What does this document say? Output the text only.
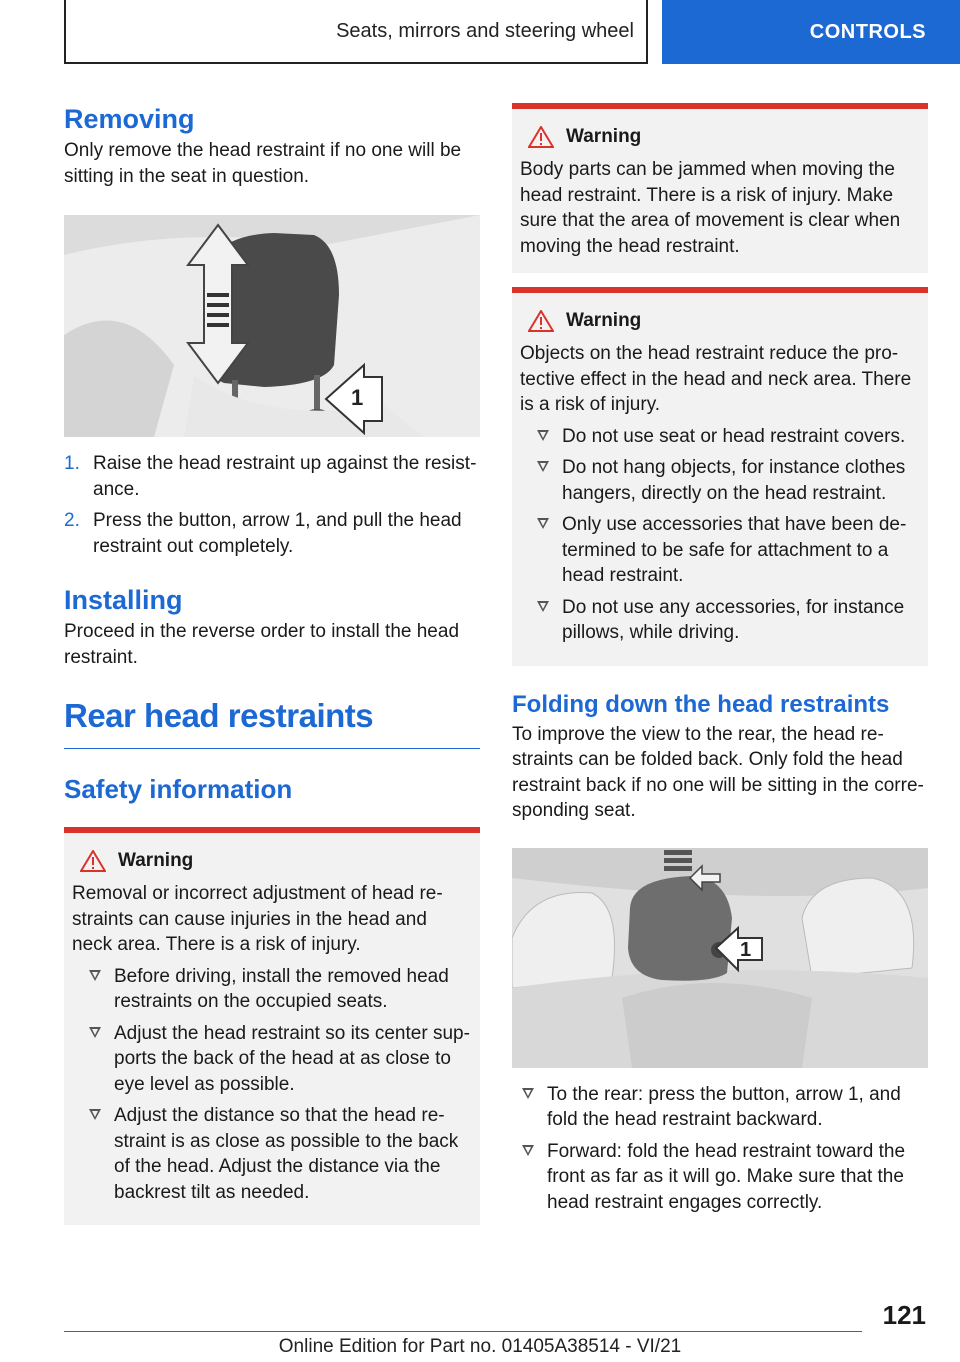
Seats, mirrors and steering wheel	CONTROLS
Removing

Only remove the head restraint if no one will be sitting in the seat in question.

1
1. Raise the head restraint up against the resistance.
2. Press the button, arrow 1, and pull the head restraint out completely.
Installing

Proceed in the reverse order to install the head restraint.

Rear head restraints
Safety information
Warning

Removal or incorrect adjustment of head restraints can cause injuries in the head and neck area. There is a risk of injury.

Before driving, install the removed head restraints on the occupied seats.
Adjust the head restraint so its center supports the back of the head at as close to eye level as possible.
Adjust the distance so that the head restraint is as close as possible to the back of the head. Adjust the distance via the backrest tilt as needed.
Warning

Body parts can be jammed when moving the head restraint. There is a risk of injury. Make sure that the area of movement is clear when moving the head restraint.

Warning

Objects on the head restraint reduce the protective effect in the head and neck area. There is a risk of injury.

Do not use seat or head restraint covers.
Do not hang objects, for instance clothes hangers, directly on the head restraint.
Only use accessories that have been determined to be safe for attachment to a head restraint.
Do not use any accessories, for instance pillows, while driving.
Folding down the head restraints

To improve the view to the rear, the head restraints can be folded back. Only fold the head restraint back if no one will be sitting in the corresponding seat.

1
To the rear: press the button, arrow 1, and fold the head restraint backward.
Forward: fold the head restraint toward the front as far as it will go. Make sure that the head restraint engages correctly.
121
Online Edition for Part no. 01405A38514 - VI/21
